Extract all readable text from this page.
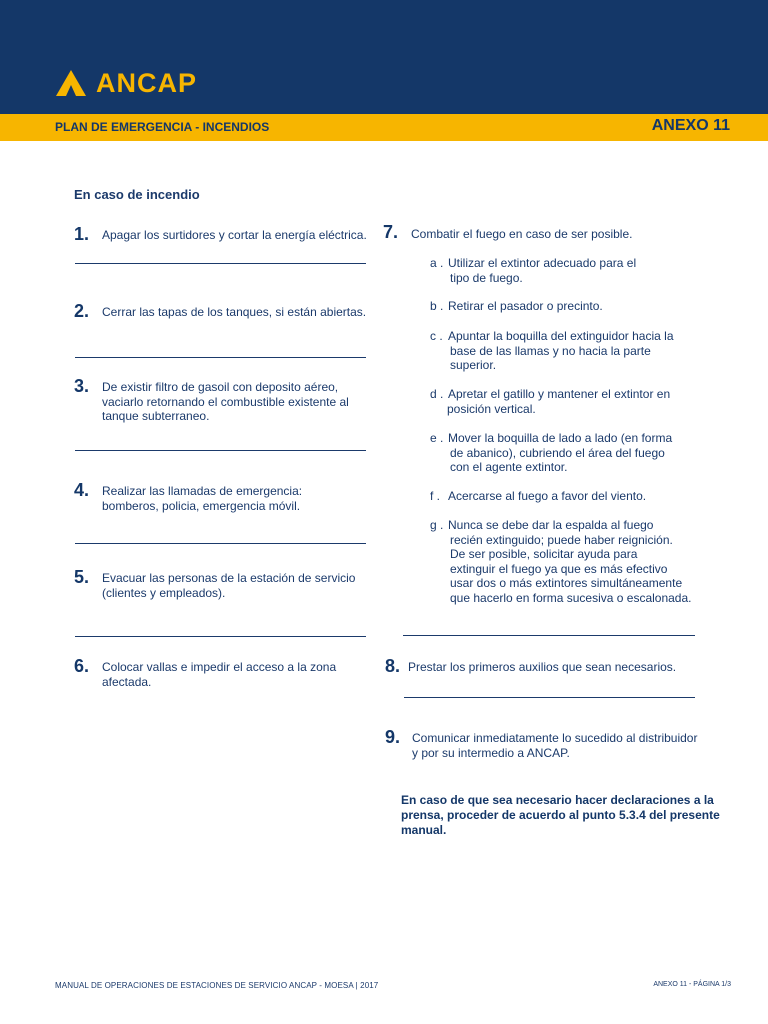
ANCAP
PLAN DE EMERGENCIA - INCENDIOS	ANEXO 11
En caso de incendio
1. Apagar los surtidores y cortar la energía eléctrica.
2. Cerrar las tapas de los tanques, si están abiertas.
3. De existir filtro de gasoil con deposito aéreo,
vaciarlo retornando el combustible existente al
tanque subterraneo.
4. Realizar las llamadas de emergencia:
bomberos, policia, emergencia móvil.
5. Evacuar las personas de la estación de servicio
(clientes y empleados).
6. Colocar vallas e impedir el acceso a la zona
afectada.
7. Combatir el fuego en caso de ser posible.
a . Utilizar el extintor adecuado para el
tipo de fuego.
b . Retirar el pasador o precinto.
c . Apuntar la boquilla del extinguidor hacia la
base de las llamas y no hacia la parte
superior.
d . Apretar el gatillo y mantener el extintor en
posición vertical.
e . Mover la boquilla de lado a lado (en forma
de abanico), cubriendo el área del fuego
con el agente extintor.
f . Acercarse al fuego a favor del viento.
g . Nunca se debe dar la espalda al fuego
recién extinguido; puede haber reignición.
De ser posible, solicitar ayuda para
extinguir el fuego ya que es más efectivo
usar dos o más extintores simultáneamente
que hacerlo en forma sucesiva o escalonada.
8. Prestar los primeros auxilios que sean necesarios.
9. Comunicar inmediatamente lo sucedido al distribuidor
y por su intermedio a ANCAP.
En caso de que sea necesario hacer declaraciones a la prensa, proceder de acuerdo al punto 5.3.4 del presente manual.
MANUAL DE OPERACIONES DE ESTACIONES DE SERVICIO ANCAP - MOESA | 2017	ANEXO 11 - PÁGINA 1/3
